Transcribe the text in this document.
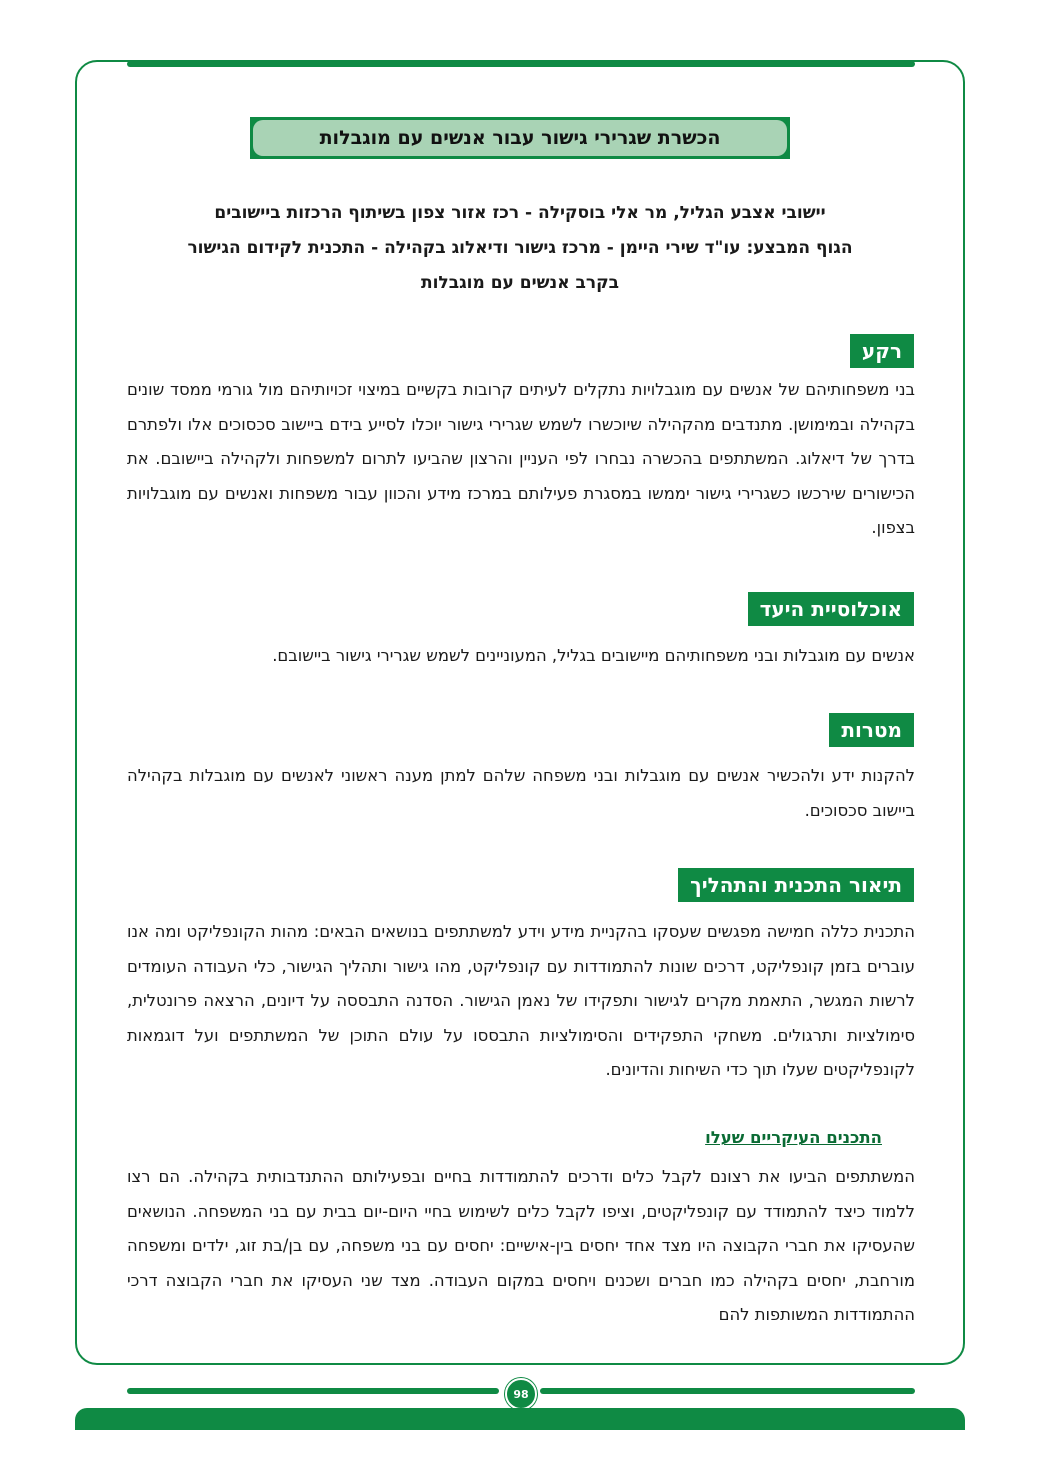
הכשרת שגרירי גישור עבור אנשים עם מוגבלות
יישובי אצבע הגליל, מר אלי בוסקילה - רכז אזור צפון בשיתוף הרכזות ביישובים
הגוף המבצע: עו"ד שירי היימן - מרכז גישור ודיאלוג בקהילה - התכנית לקידום הגישור
בקרב אנשים עם מוגבלות
רקע
בני משפחותיהם של אנשים עם מוגבלויות נתקלים לעיתים קרובות בקשיים במיצוי זכויותיהם מול גורמי ממסד שונים בקהילה ובמימושן. מתנדבים מהקהילה שיוכשרו לשמש שגרירי גישור יוכלו לסייע בידם ביישוב סכסוכים אלו ולפתרם בדרך של דיאלוג. המשתתפים בהכשרה נבחרו לפי העניין והרצון שהביעו לתרום למשפחות ולקהילה ביישובם. את הכישורים שירכשו כשגרירי גישור יממשו במסגרת פעילותם במרכז מידע והכוון עבור משפחות ואנשים עם מוגבלויות בצפון.
אוכלוסיית היעד
אנשים עם מוגבלות ובני משפחותיהם מיישובים בגליל, המעוניינים לשמש שגרירי גישור ביישובם.
מטרות
להקנות ידע ולהכשיר אנשים עם מוגבלות ובני משפחה שלהם למתן מענה ראשוני לאנשים עם מוגבלות בקהילה ביישוב סכסוכים.
תיאור התכנית והתהליך
התכנית כללה חמישה מפגשים שעסקו בהקניית מידע וידע למשתתפים בנושאים הבאים: מהות הקונפליקט ומה אנו עוברים בזמן קונפליקט, דרכים שונות להתמודדות עם קונפליקט, מהו גישור ותהליך הגישור, כלי העבודה העומדים לרשות המגשר, התאמת מקרים לגישור ותפקידו של נאמן הגישור. הסדנה התבססה על דיונים, הרצאה פרונטלית, סימולציות ותרגולים. משחקי התפקידים והסימולציות התבססו על עולם התוכן של המשתתפים ועל דוגמאות לקונפליקטים שעלו תוך כדי השיחות והדיונים.
התכנים העיקריים שעלו
המשתתפים הביעו את רצונם לקבל כלים ודרכים להתמודדות בחיים ובפעילותם ההתנדבותית בקהילה. הם רצו ללמוד כיצד להתמודד עם קונפליקטים, וציפו לקבל כלים לשימוש בחיי היום-יום בבית עם בני המשפחה. הנושאים שהעסיקו את חברי הקבוצה היו מצד אחד יחסים בין-אישיים: יחסים עם בני משפחה, עם בן/בת זוג, ילדים ומשפחה מורחבת, יחסים בקהילה כמו חברים ושכנים ויחסים במקום העבודה. מצד שני העסיקו את חברי הקבוצה דרכי ההתמודדות המשותפות להם
98
